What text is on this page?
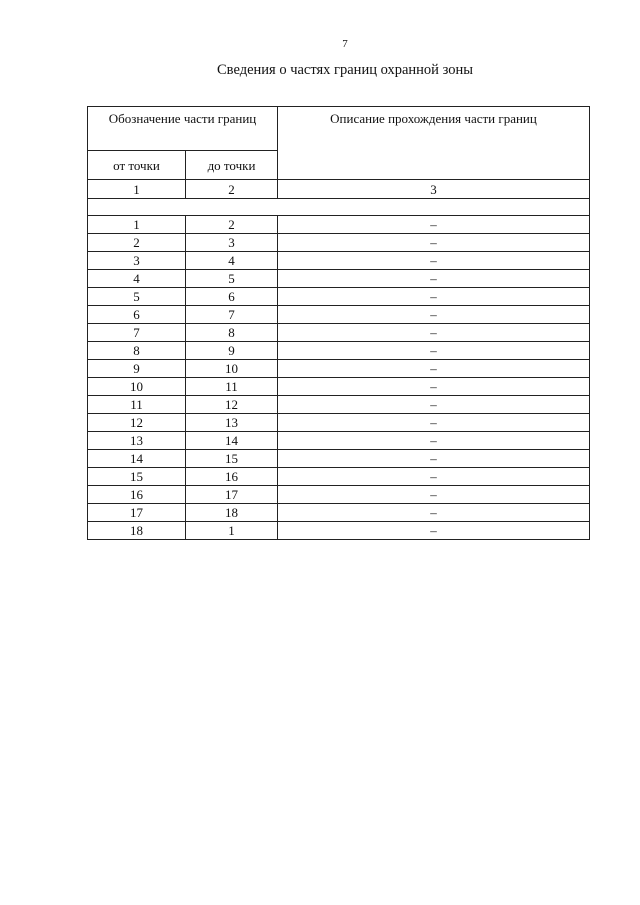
7
Сведения о частях границ охранной зоны
Обозначение части границ		Описание прохождения части границ
от точки	до точки	
1	2	3

1	2	–
2	3	–
3	4	–
4	5	–
5	6	–
6	7	–
7	8	–
8	9	–
9	10	–
10	11	–
11	12	–
12	13	–
13	14	–
14	15	–
15	16	–
16	17	–
17	18	–
18	1	–
